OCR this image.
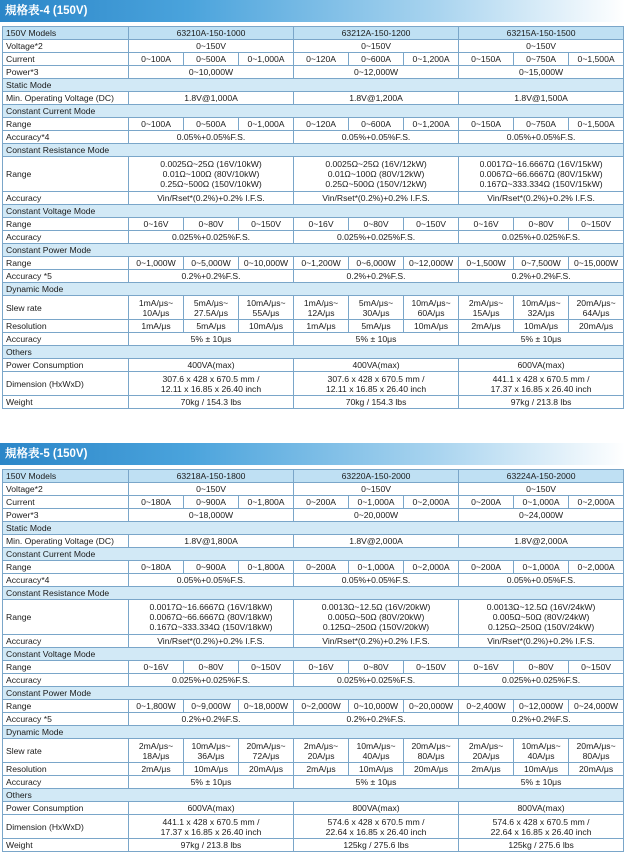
規格表-4 (150V)
150V Models	63210A-150-1000			63212A-150-1200			63215A-150-1500		
Voltage*2	0~150V			0~150V			0~150V		
Current	0~100A	0~500A	0~1,000A	0~120A	0~600A	0~1,200A	0~150A	0~750A	0~1,500A
Power*3	0~10,000W			0~12,000W			0~15,000W		
Static Mode									
Min. Operating Voltage (DC)	1.8V@1,000A			1.8V@1,200A			1.8V@1,500A		
Constant Current Mode									
Range	0~100A	0~500A	0~1,000A	0~120A	0~600A	0~1,200A	0~150A	0~750A	0~1,500A
Accuracy*4	0.05%+0.05%F.S.			0.05%+0.05%F.S.			0.05%+0.05%F.S.		
Constant Resistance Mode									
Range	0.0025Ω~25Ω (16V/10kW)
0.01Ω~100Ω (80V/10kW)
0.25Ω~500Ω (150V/10kW)			0.0025Ω~25Ω (16V/12kW)
0.01Ω~100Ω (80V/12kW)
0.25Ω~500Ω (150V/12kW)			0.0017Ω~16.6667Ω (16V/15kW)
0.0067Ω~66.6667Ω (80V/15kW)
0.167Ω~333.334Ω (150V/15kW)		
Accuracy	Vin/Rset*(0.2%)+0.2% I.F.S.			Vin/Rset*(0.2%)+0.2% I.F.S.			Vin/Rset*(0.2%)+0.2% I.F.S.		
Constant Voltage Mode									
Range	0~16V	0~80V	0~150V	0~16V	0~80V	0~150V	0~16V	0~80V	0~150V
Accuracy	0.025%+0.025%F.S.			0.025%+0.025%F.S.			0.025%+0.025%F.S.		
Constant Power Mode									
Range	0~1,000W	0~5,000W	0~10,000W	0~1,200W	0~6,000W	0~12,000W	0~1,500W	0~7,500W	0~15,000W
Accuracy *5	0.2%+0.2%F.S.			0.2%+0.2%F.S.			0.2%+0.2%F.S.		
Dynamic Mode									
Slew rate	1mA/μs~
10A/μs	5mA/μs~
27.5A/μs	10mA/μs~
55A/μs	1mA/μs~
12A/μs	5mA/μs~
30A/μs	10mA/μs~
60A/μs	2mA/μs~
15A/μs	10mA/μs~
32A/μs	20mA/μs~
64A/μs
Resolution	1mA/μs	5mA/μs	10mA/μs	1mA/μs	5mA/μs	10mA/μs	2mA/μs	10mA/μs	20mA/μs
Accuracy	5% ± 10μs			5% ± 10μs			5% ± 10μs		
Others									
Power Consumption	400VA(max)			400VA(max)			600VA(max)		
Dimension (HxWxD)	307.6 x 428 x 670.5 mm /
12.11 x 16.85 x 26.40 inch			307.6 x 428 x 670.5 mm /
12.11 x 16.85 x 26.40 inch			441.1 x 428 x 670.5 mm /
17.37 x 16.85 x 26.40 inch		
Weight	70kg / 154.3 lbs			70kg / 154.3 lbs			97kg / 213.8 lbs		
規格表-5 (150V)
150V Models	63218A-150-1800			63220A-150-2000			63224A-150-2000		
Voltage*2	0~150V			0~150V			0~150V		
Current	0~180A	0~900A	0~1,800A	0~200A	0~1,000A	0~2,000A	0~200A	0~1,000A	0~2,000A
Power*3	0~18,000W			0~20,000W			0~24,000W		
Static Mode									
Min. Operating Voltage (DC)	1.8V@1,800A			1.8V@2,000A			1.8V@2,000A		
Constant Current Mode									
Range	0~180A	0~900A	0~1,800A	0~200A	0~1,000A	0~2,000A	0~200A	0~1,000A	0~2,000A
Accuracy*4	0.05%+0.05%F.S.			0.05%+0.05%F.S.			0.05%+0.05%F.S.		
Constant Resistance Mode									
Range	0.0017Ω~16.6667Ω (16V/18kW)
0.0067Ω~66.6667Ω (80V/18kW)
0.167Ω~333.334Ω (150V/18kW)			0.0013Ω~12.5Ω (16V/20kW)
0.005Ω~50Ω (80V/20kW)
0.125Ω~250Ω (150V/20kW)			0.0013Ω~12.5Ω (16V/24kW)
0.005Ω~50Ω (80V/24kW)
0.125Ω~250Ω (150V/24kW)		
Accuracy	Vin/Rset*(0.2%)+0.2% I.F.S.			Vin/Rset*(0.2%)+0.2% I.F.S.			Vin/Rset*(0.2%)+0.2% I.F.S.		
Constant Voltage Mode									
Range	0~16V	0~80V	0~150V	0~16V	0~80V	0~150V	0~16V	0~80V	0~150V
Accuracy	0.025%+0.025%F.S.			0.025%+0.025%F.S.			0.025%+0.025%F.S.		
Constant Power Mode									
Range	0~1,800W	0~9,000W	0~18,000W	0~2,000W	0~10,000W	0~20,000W	0~2,400W	0~12,000W	0~24,000W
Accuracy *5	0.2%+0.2%F.S.			0.2%+0.2%F.S.			0.2%+0.2%F.S.		
Dynamic Mode									
Slew rate	2mA/μs~
18A/μs	10mA/μs~
36A/μs	20mA/μs~
72A/μs	2mA/μs~
20A/μs	10mA/μs~
40A/μs	20mA/μs~
80A/μs	2mA/μs~
20A/μs	10mA/μs~
40A/μs	20mA/μs~
80A/μs
Resolution	2mA/μs	10mA/μs	20mA/μs	2mA/μs	10mA/μs	20mA/μs	2mA/μs	10mA/μs	20mA/μs
Accuracy	5% ± 10μs			5% ± 10μs			5% ± 10μs		
Others									
Power Consumption	600VA(max)			800VA(max)			800VA(max)		
Dimension (HxWxD)	441.1 x 428 x 670.5 mm /
17.37 x 16.85 x 26.40 inch			574.6 x 428 x 670.5 mm /
22.64 x 16.85 x 26.40 inch			574.6 x 428 x 670.5 mm /
22.64 x 16.85 x 26.40 inch		
Weight	97kg / 213.8 lbs			125kg / 275.6 lbs			125kg / 275.6 lbs		
